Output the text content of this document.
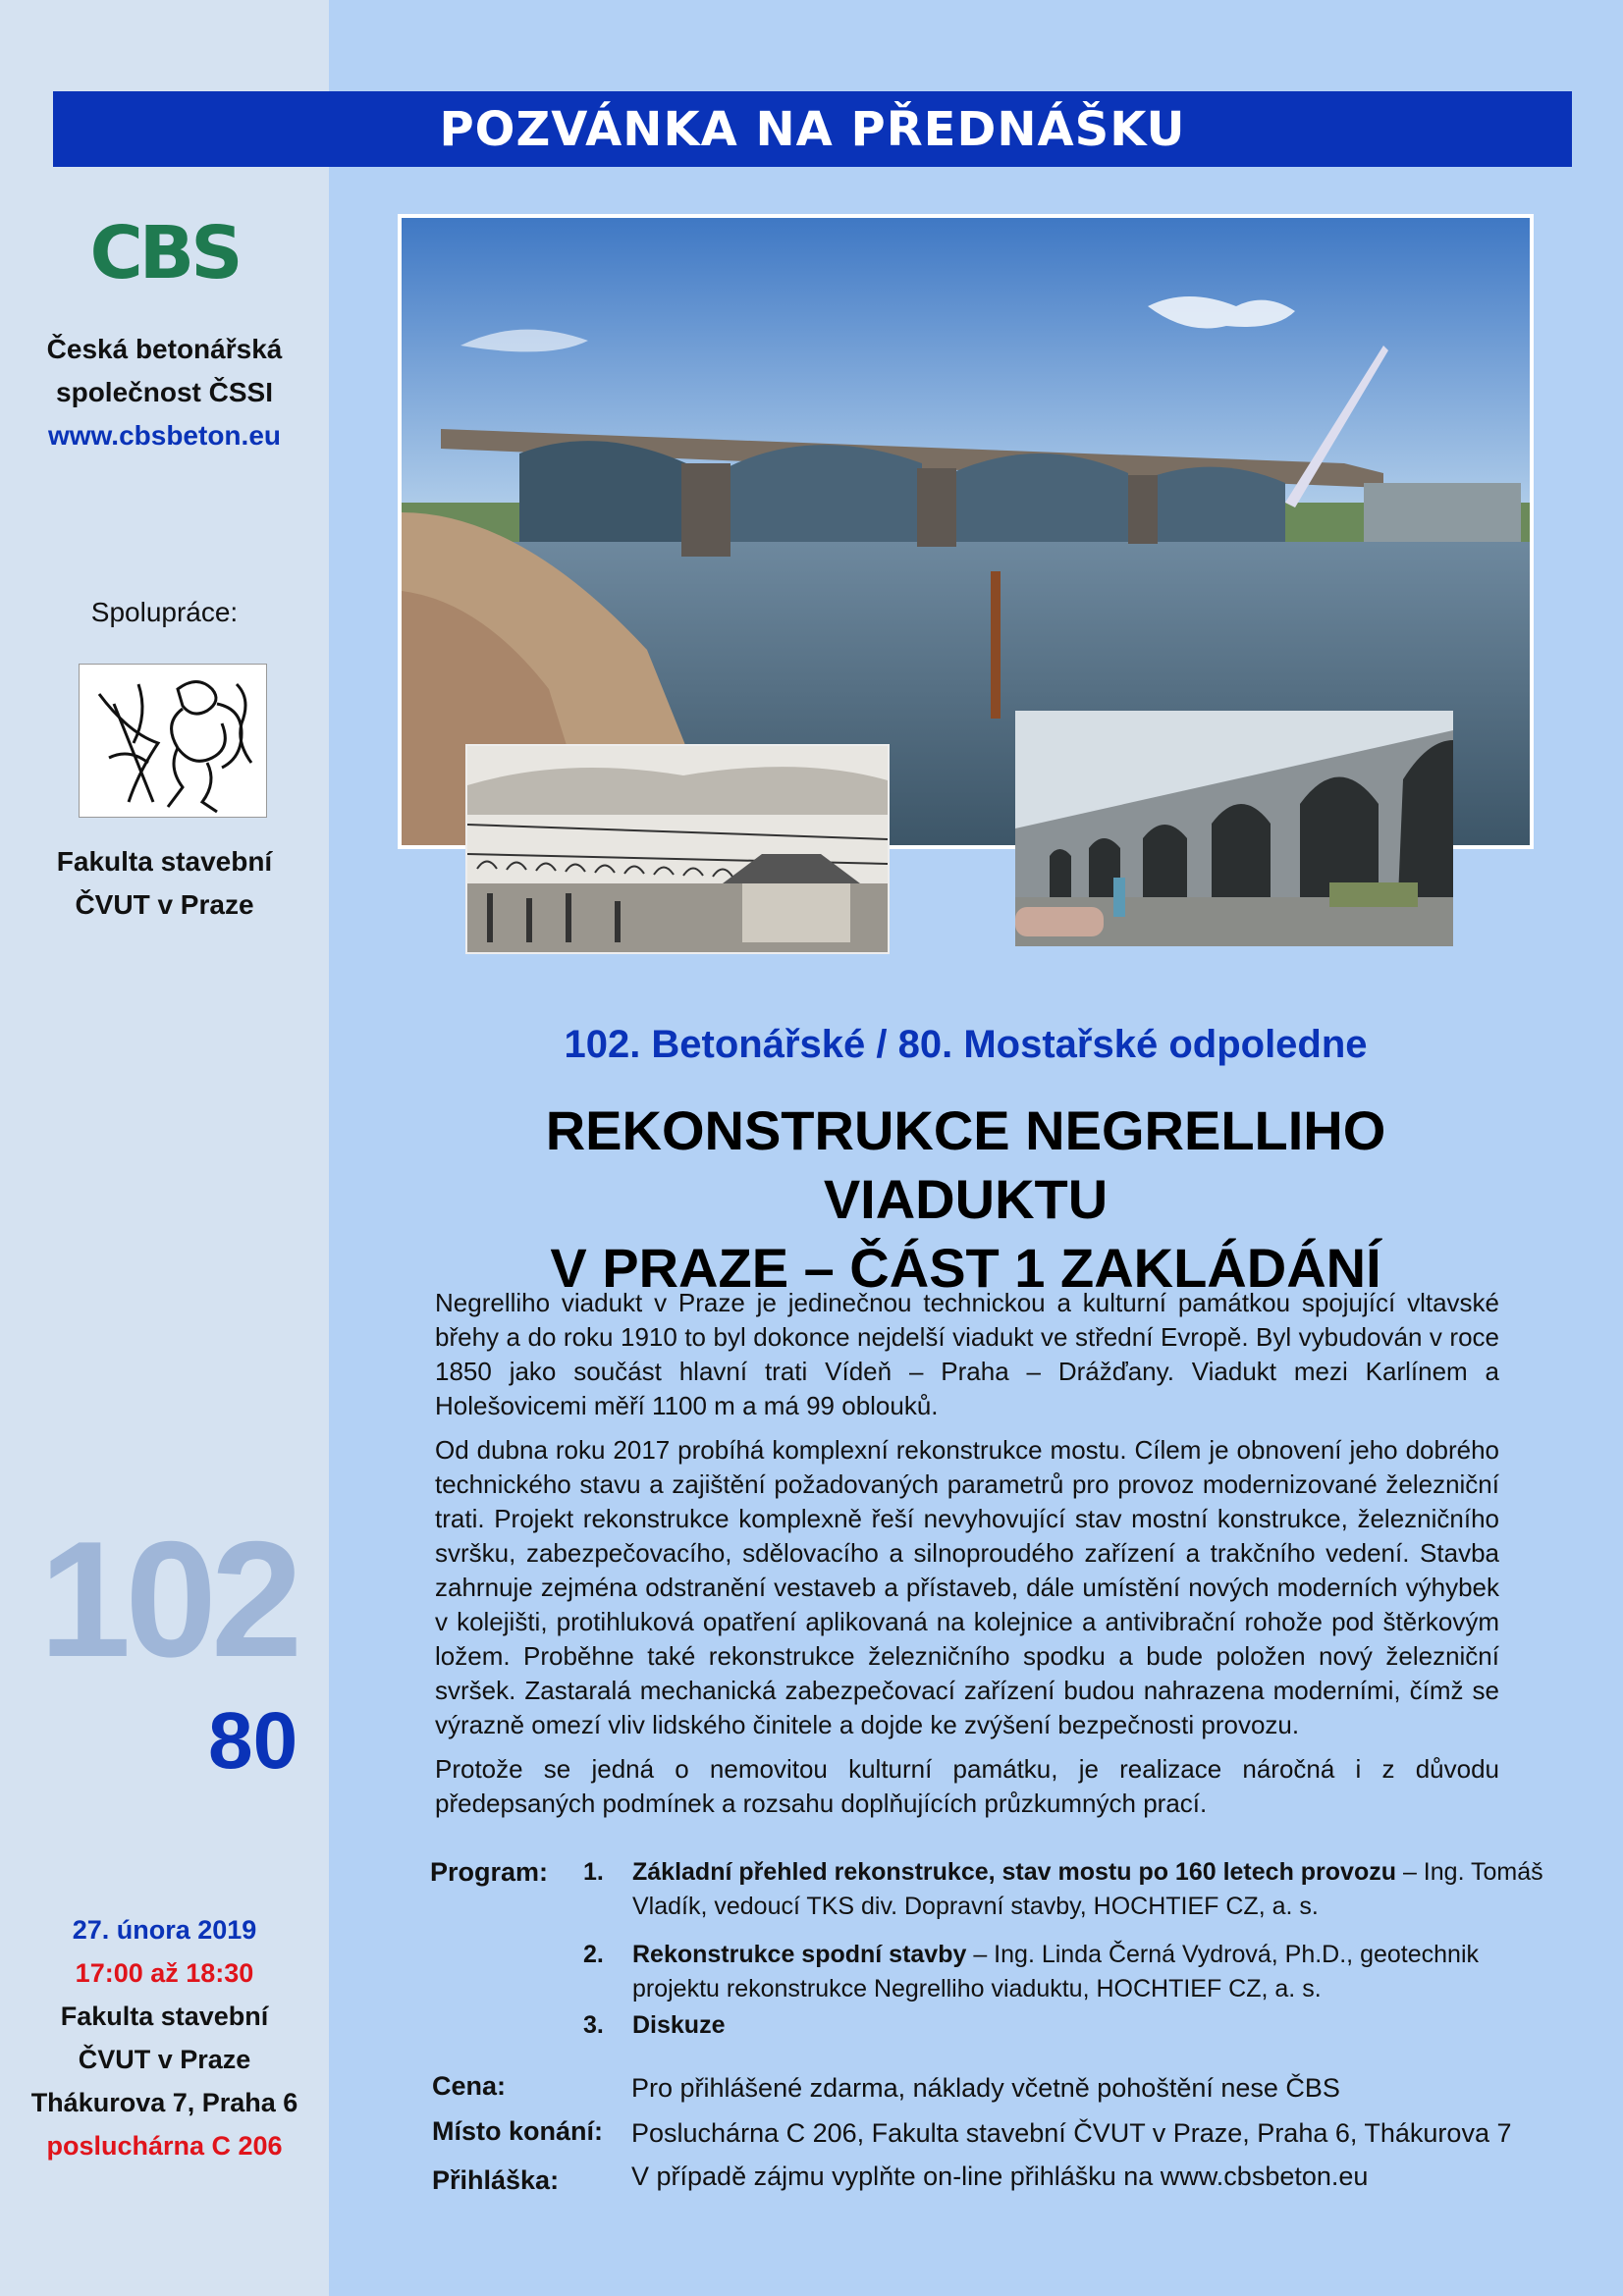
POZVÁNKA NA PŘEDNÁŠKU
CBS
Česká betonářská
společnost ČSSI
www.cbsbeton.eu
Spolupráce:
Fakulta stavební
ČVUT v Praze
102
80
27. února 2019
17:00 až 18:30
Fakulta stavební
ČVUT v Praze
Thákurova 7, Praha 6
posluchárna C 206
102. Betonářské / 80. Mostařské odpoledne
REKONSTRUKCE NEGRELLIHO VIADUKTU
V PRAZE – ČÁST 1 ZAKLÁDÁNÍ

Negrelliho viadukt v Praze je jedinečnou technickou a kulturní památkou spojující vltavské břehy a do roku 1910 to byl dokonce nejdelší viadukt ve střední Evropě. Byl vybudován v roce 1850 jako součást hlavní trati Vídeň – Praha – Drážďany. Viadukt mezi Karlínem a Holešovicemi měří 1100 m a má 99 oblouků.

Od dubna roku 2017 probíhá komplexní rekonstrukce mostu. Cílem je obnovení jeho dobrého technického stavu a zajištění požadovaných parametrů pro provoz modernizované železniční trati. Projekt rekonstrukce komplexně řeší nevyhovující stav mostní konstrukce, železničního svršku, zabezpečovacího, sdělovacího a silnoproudého zařízení a trakčního vedení. Stavba zahrnuje zejména odstranění vestaveb a přístaveb, dále umístění nových moderních výhybek v kolejišti, protihluková opatření aplikovaná na kolejnice a antivibrační rohože pod štěrkovým ložem. Proběhne také rekonstrukce železničního spodku a bude položen nový železniční svršek. Zastaralá mechanická zabezpečovací zařízení budou nahrazena moderními, čímž se výrazně omezí vliv lidského činitele a dojde ke zvýšení bezpečnosti provozu.

Protože se jedná o nemovitou kulturní památku, je realizace náročná i z důvodu předepsaných podmínek a rozsahu doplňujících průzkumných prací.

Program: 1. Základní přehled rekonstrukce, stav mostu po 160 letech provozu – Ing. Tomáš Vladík, vedoucí TKS div. Dopravní stavby, HOCHTIEF CZ, a. s.
2. Rekonstrukce spodní stavby – Ing. Linda Černá Vydrová, Ph.D., geotechnik projektu rekonstrukce Negrelliho viaduktu, HOCHTIEF CZ, a. s.
3. Diskuze
Cena:	Pro přihlášené zdarma, náklady včetně pohoštění nese ČBS
Místo konání: Posluchárna C 206, Fakulta stavební ČVUT v Praze, Praha 6, Thákurova 7
Přihláška:	V případě zájmu vyplňte on-line přihlášku na www.cbsbeton.eu
